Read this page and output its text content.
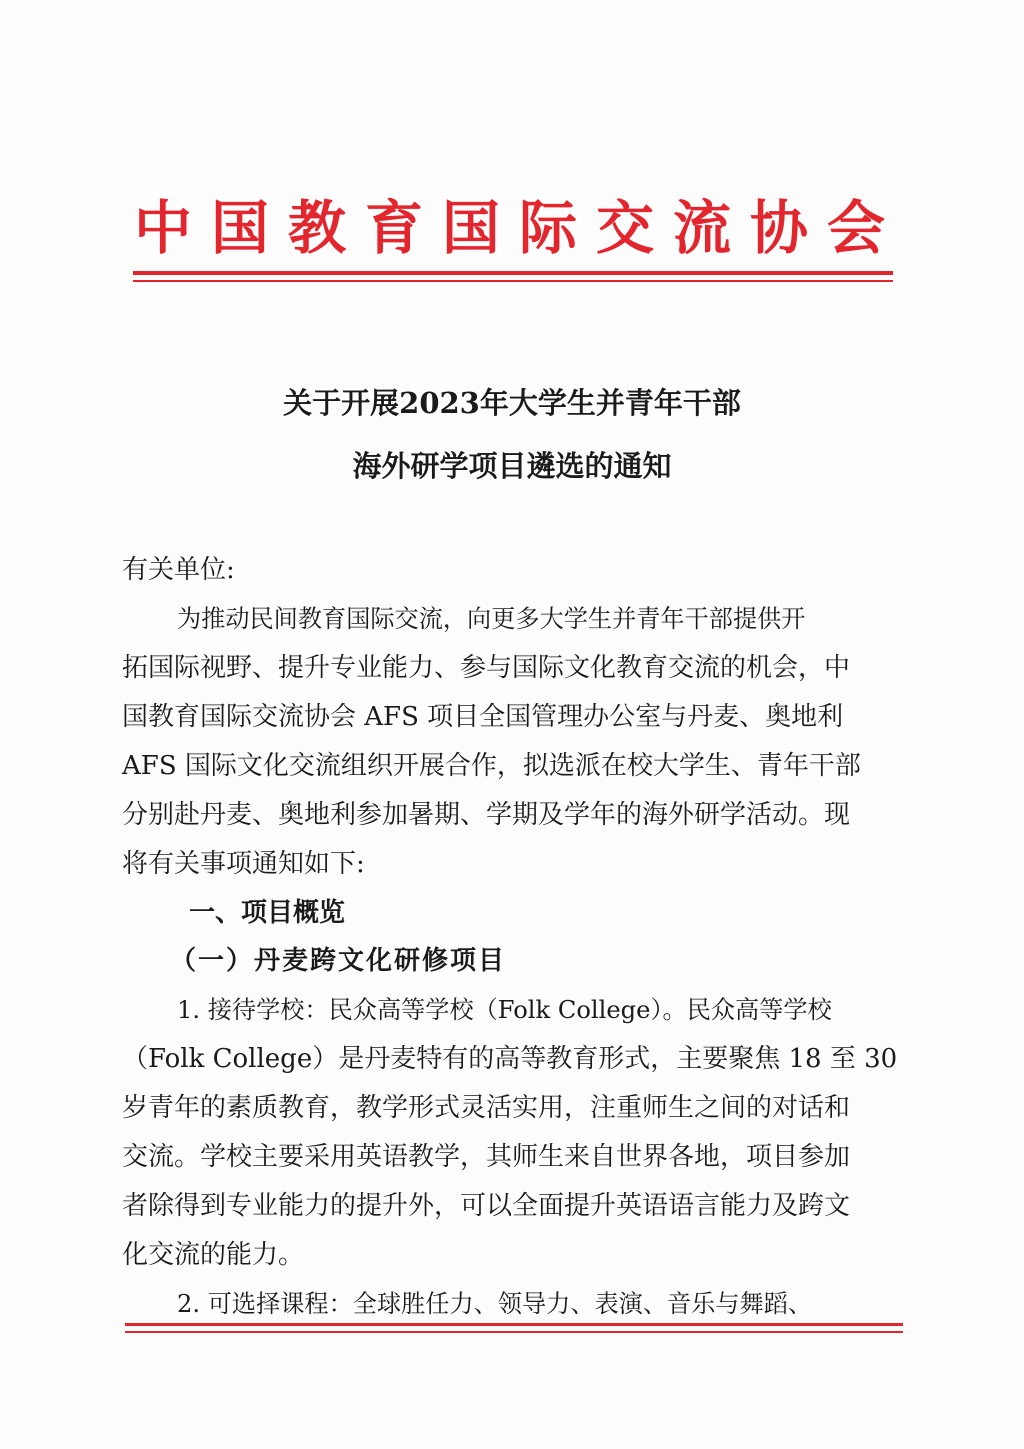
中国教育国际交流协会
关于开展2023年大学生并青年干部
海外研学项目遴选的通知
有关单位:
为推动民间教育国际交流，向更多大学生并青年干部提供开
拓国际视野、提升专业能力、参与国际文化教育交流的机会，中
国教育国际交流协会 AFS 项目全国管理办公室与丹麦、奥地利
AFS 国际文化交流组织开展合作，拟选派在校大学生、青年干部
分别赴丹麦、奥地利参加暑期、学期及学年的海外研学活动。现
将有关事项通知如下:
一、项目概览
（一）丹麦跨文化研修项目
1. 接待学校：民众高等学校（Folk College）。民众高等学校
（Folk College）是丹麦特有的高等教育形式，主要聚焦 18 至 30
岁青年的素质教育，教学形式灵活实用，注重师生之间的对话和
交流。学校主要采用英语教学，其师生来自世界各地，项目参加
者除得到专业能力的提升外，可以全面提升英语语言能力及跨文
化交流的能力。
2. 可选择课程：全球胜任力、领导力、表演、音乐与舞蹈、
